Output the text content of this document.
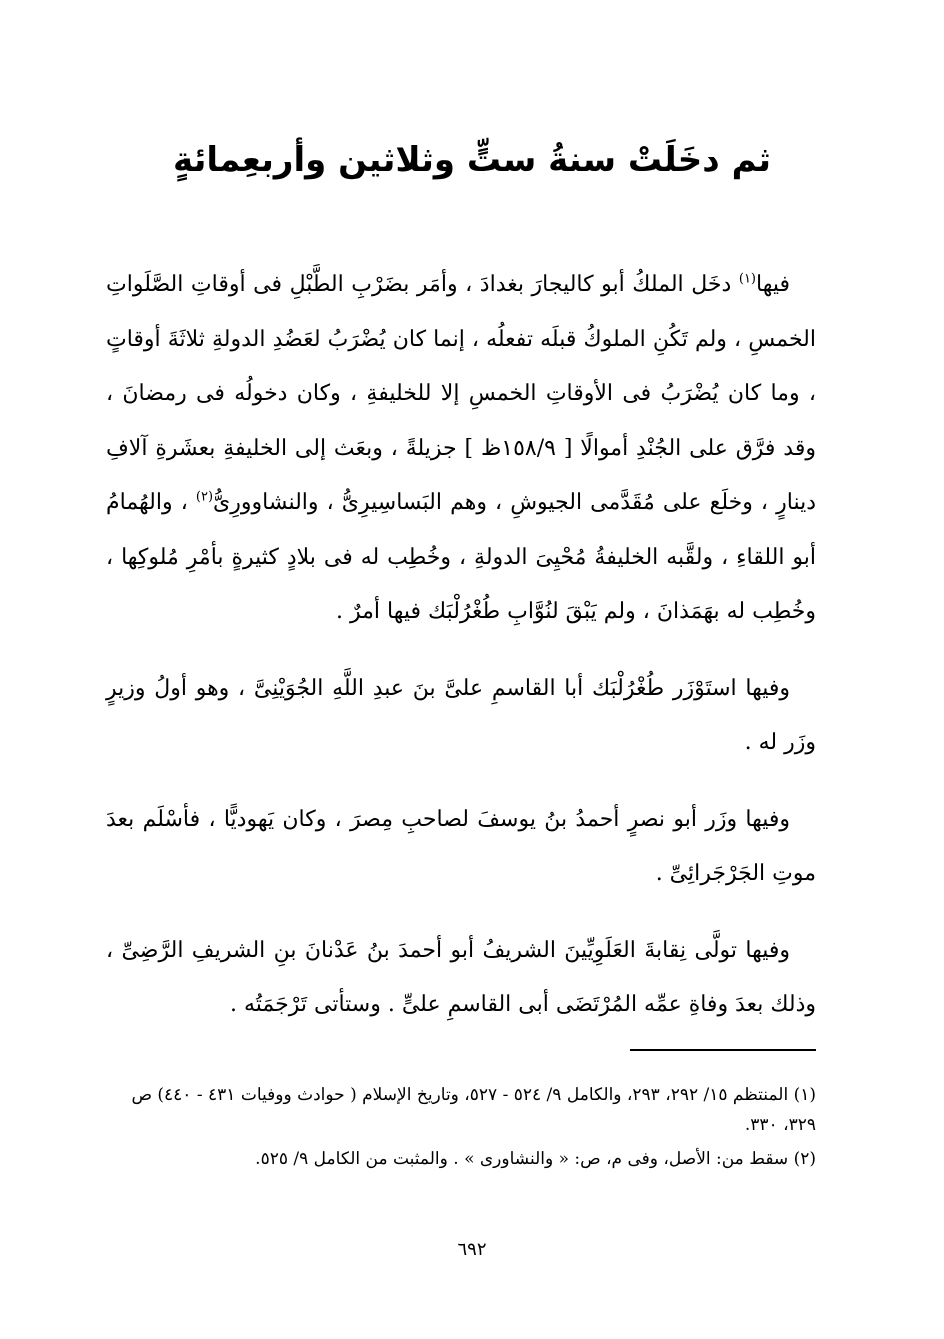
ثم دخَلَتْ سنةُ ستٍّ وثلاثين وأربعِمائةٍ

فيها$^{(١)}$ دخَل الملكُ أبو كاليجارَ بغدادَ ، وأمَر بضَرْبِ الطَّبْلِ فى أوقاتِ الصَّلَواتِ الخمسِ ، ولم تَكُنِ الملوكُ قبلَه تفعلُه ، إنما كان يُضْرَبُ لعَضُدِ الدولةِ ثلاثَةَ أوقاتٍ ، وما كان يُضْرَبُ فى الأوقاتِ الخمسِ إلا للخليفةِ ، وكان دخولُه فى رمضانَ ، وقد فرَّق على الجُنْدِ أموالًا [ ١٥٨/٩ظ ] جزيلةً ، وبعَث إلى الخليفةِ بعشَرةِ آلافِ دينارٍ ، وخلَع على مُقَدَّمى الجيوشِ ، وهم البَساسِيرِىُّ ، والنشاوورِىُّ$^{(٢)}$ ، والهُمامُ أبو اللقاءِ ، ولقَّبه الخليفةُ مُحْيِىَ الدولةِ ، وخُطِب له فى بلادٍ كثيرةٍ بأمْرِ مُلوكِها ، وخُطِب له بهَمَذانَ ، ولم يَبْقَ لنُوَّابِ طُغْرُلْبَك فيها أمرٌ .

وفيها استَوْزَر طُغْرُلْبَك أبا القاسمِ علىَّ بنَ عبدِ اللَّهِ الجُوَيْنِىَّ ، وهو أولُ وزيرٍ وزَر له .

وفيها وزَر أبو نصرٍ أحمدُ بنُ يوسفَ لصاحبِ مِصرَ ، وكان يَهوديًّا ، فأسْلَم بعدَ موتِ الجَرْجَرائِىِّ .

وفيها تولَّى نِقابةَ العَلَوِيِّينَ الشريفُ أبو أحمدَ بنُ عَدْنانَ بنِ الشريفِ الرَّضِىِّ ، وذلك بعدَ وفاةِ عمِّه المُرْتَضَى أبى القاسمِ علىٍّ . وستأتى تَرْجَمَتُه .

(١) المنتظم ١٥/ ٢٩٢، ٢٩٣، والكامل ٩/ ٥٢٤ - ٥٢٧، وتاريخ الإسلام ( حوادث ووفيات ٤٣١ - ٤٤٠) ص ٣٢٩، ٣٣٠.

(٢) سقط من: الأصل، وفى م، ص: « والنشاورى » . والمثبت من الكامل ٩/ ٥٢٥.

٦٩٢
